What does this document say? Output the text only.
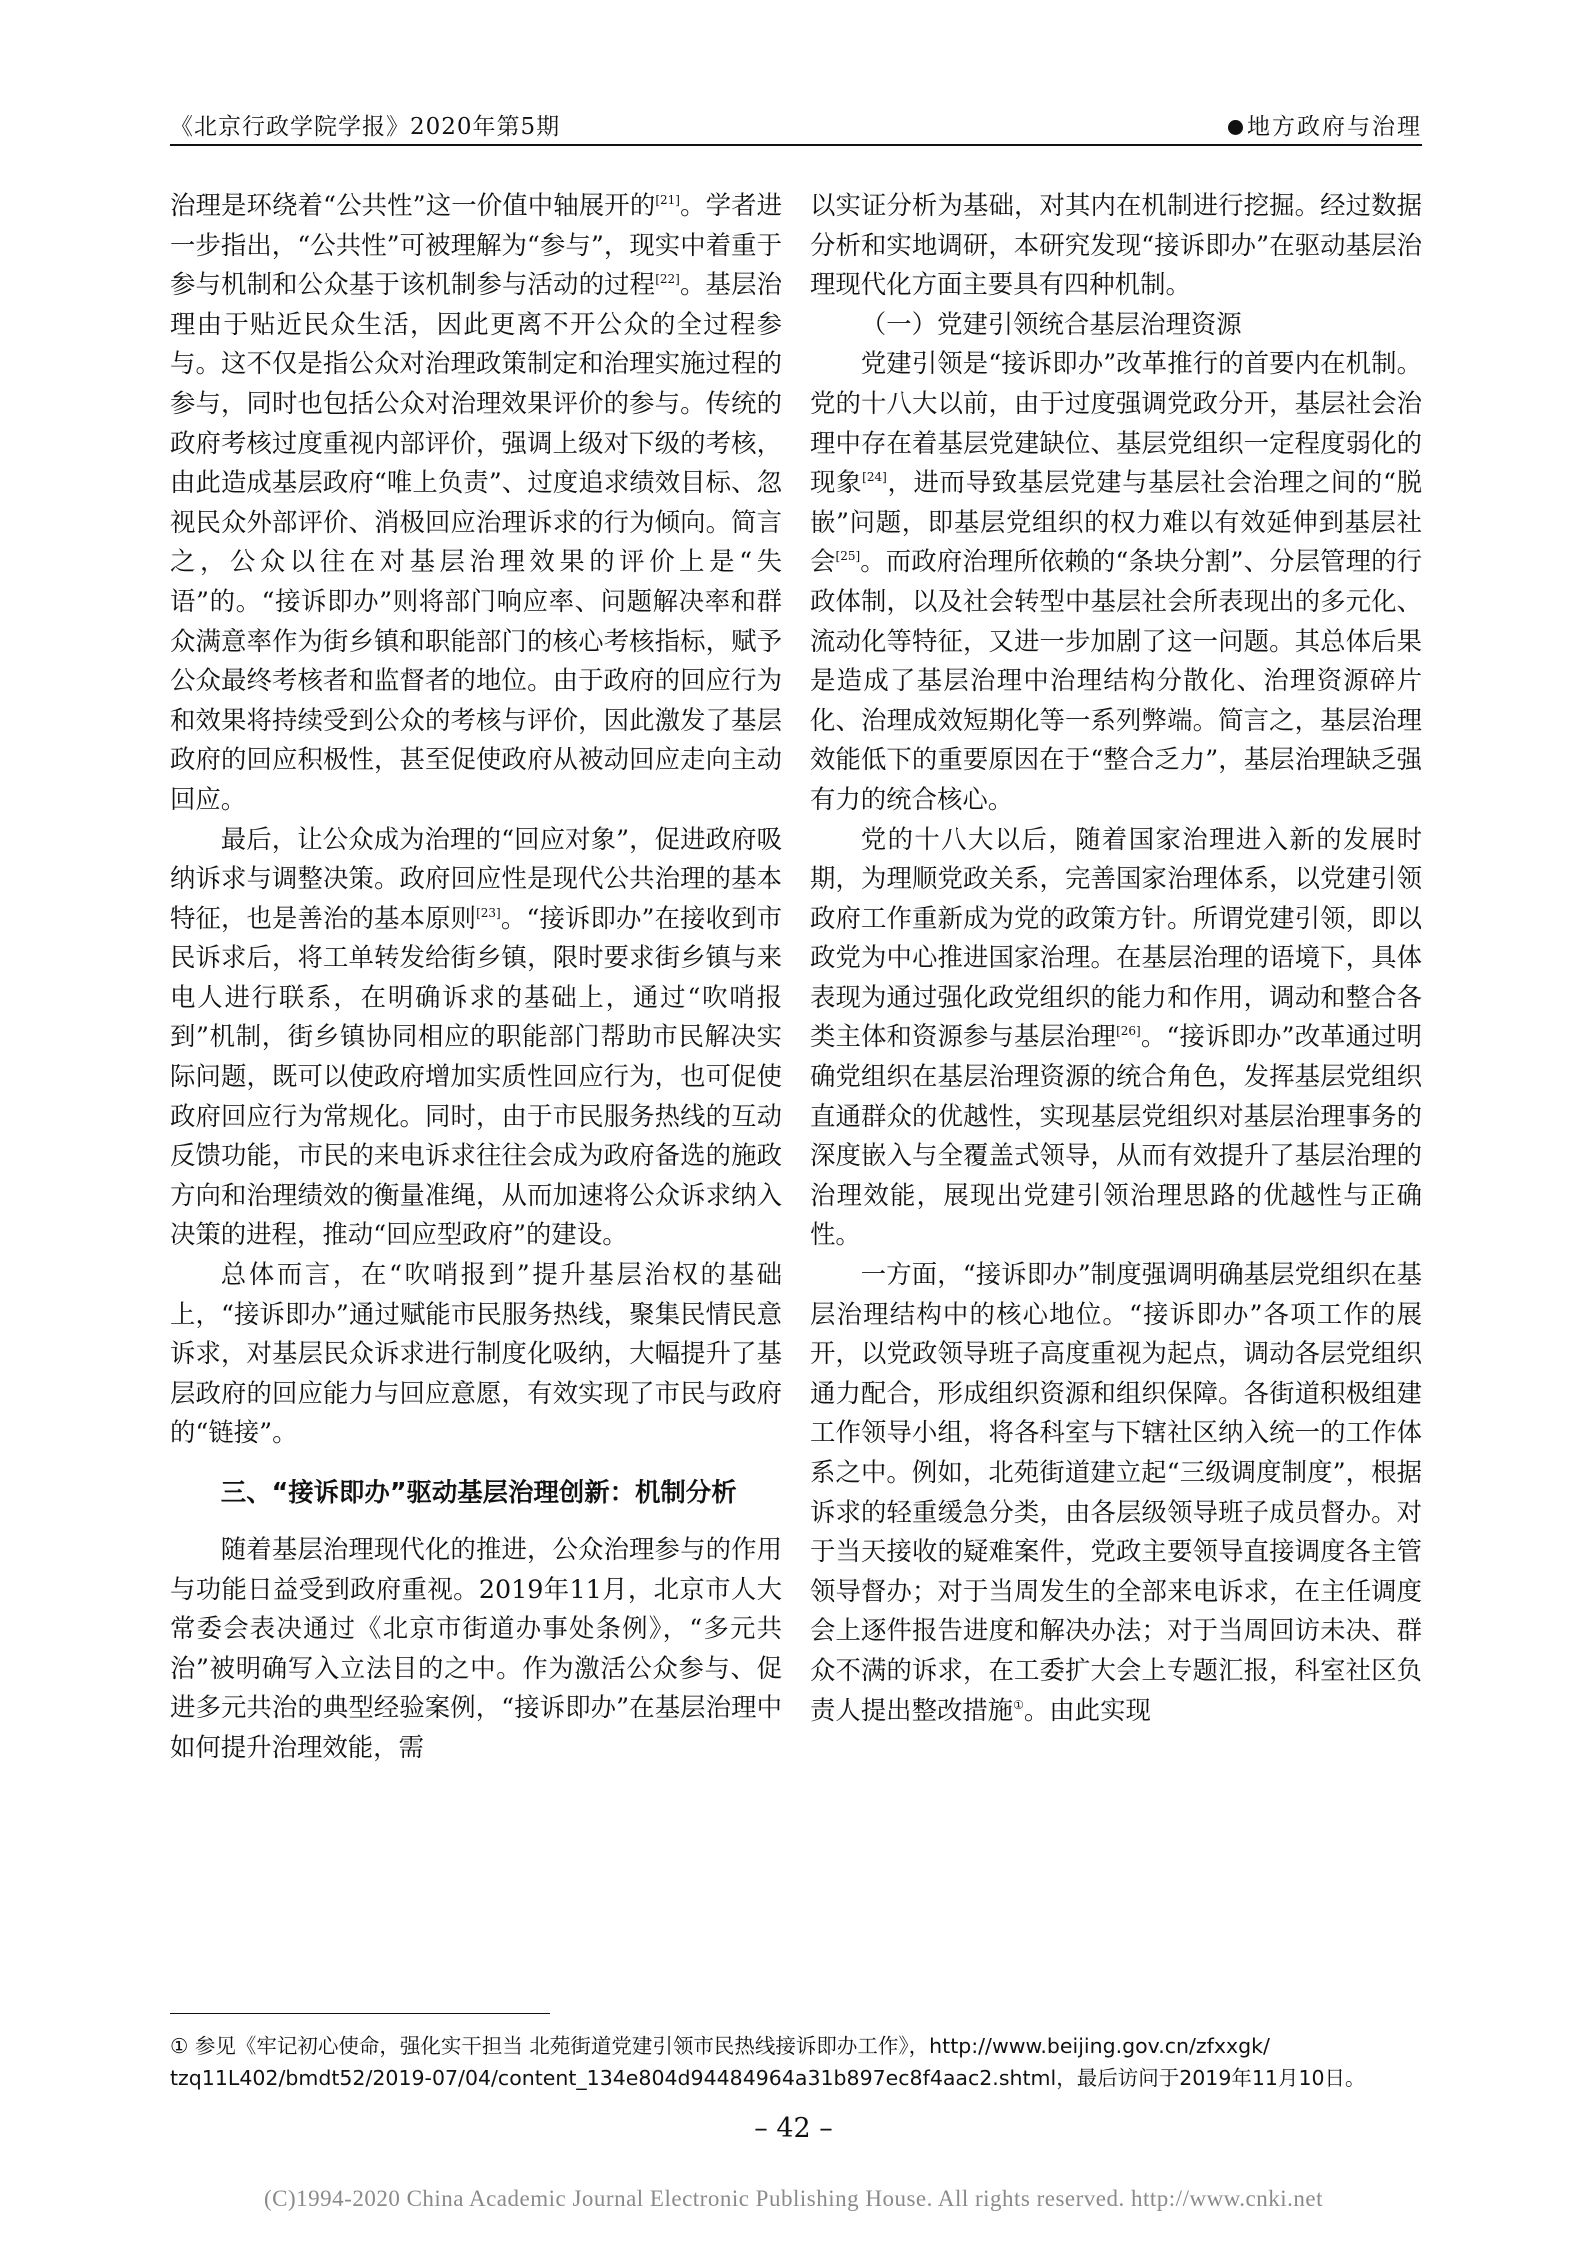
《北京行政学院学报》2020年第5期	地方政府与治理

治理是环绕着“公共性”这一价值中轴展开的[21]。学者进一步指出，“公共性”可被理解为“参与”，现实中着重于参与机制和公众基于该机制参与活动的过程[22]。基层治理由于贴近民众生活，因此更离不开公众的全过程参与。这不仅是指公众对治理政策制定和治理实施过程的参与，同时也包括公众对治理效果评价的参与。传统的政府考核过度重视内部评价，强调上级对下级的考核，由此造成基层政府“唯上负责”、过度追求绩效目标、忽视民众外部评价、消极回应治理诉求的行为倾向。简言之，公众以往在对基层治理效果的评价上是“失语”的。“接诉即办”则将部门响应率、问题解决率和群众满意率作为街乡镇和职能部门的核心考核指标，赋予公众最终考核者和监督者的地位。由于政府的回应行为和效果将持续受到公众的考核与评价，因此激发了基层政府的回应积极性，甚至促使政府从被动回应走向主动回应。

最后，让公众成为治理的“回应对象”，促进政府吸纳诉求与调整决策。政府回应性是现代公共治理的基本特征，也是善治的基本原则[23]。“接诉即办”在接收到市民诉求后，将工单转发给街乡镇，限时要求街乡镇与来电人进行联系，在明确诉求的基础上，通过“吹哨报到”机制，街乡镇协同相应的职能部门帮助市民解决实际问题，既可以使政府增加实质性回应行为，也可促使政府回应行为常规化。同时，由于市民服务热线的互动反馈功能，市民的来电诉求往往会成为政府备选的施政方向和治理绩效的衡量准绳，从而加速将公众诉求纳入决策的进程，推动“回应型政府”的建设。

总体而言，在“吹哨报到”提升基层治权的基础上，“接诉即办”通过赋能市民服务热线，聚集民情民意诉求，对基层民众诉求进行制度化吸纳，大幅提升了基层政府的回应能力与回应意愿，有效实现了市民与政府的“链接”。

三、“接诉即办”驱动基层治理创新：机制分析

随着基层治理现代化的推进，公众治理参与的作用与功能日益受到政府重视。2019年11月，北京市人大常委会表决通过《北京市街道办事处条例》，“多元共治”被明确写入立法目的之中。作为激活公众参与、促进多元共治的典型经验案例，“接诉即办”在基层治理中如何提升治理效能，需

以实证分析为基础，对其内在机制进行挖掘。经过数据分析和实地调研，本研究发现“接诉即办”在驱动基层治理现代化方面主要具有四种机制。

（一）党建引领统合基层治理资源

党建引领是“接诉即办”改革推行的首要内在机制。党的十八大以前，由于过度强调党政分开，基层社会治理中存在着基层党建缺位、基层党组织一定程度弱化的现象[24]，进而导致基层党建与基层社会治理之间的“脱嵌”问题，即基层党组织的权力难以有效延伸到基层社会[25]。而政府治理所依赖的“条块分割”、分层管理的行政体制，以及社会转型中基层社会所表现出的多元化、流动化等特征，又进一步加剧了这一问题。其总体后果是造成了基层治理中治理结构分散化、治理资源碎片化、治理成效短期化等一系列弊端。简言之，基层治理效能低下的重要原因在于“整合乏力”，基层治理缺乏强有力的统合核心。

党的十八大以后，随着国家治理进入新的发展时期，为理顺党政关系，完善国家治理体系，以党建引领政府工作重新成为党的政策方针。所谓党建引领，即以政党为中心推进国家治理。在基层治理的语境下，具体表现为通过强化政党组织的能力和作用，调动和整合各类主体和资源参与基层治理[26]。“接诉即办”改革通过明确党组织在基层治理资源的统合角色，发挥基层党组织直通群众的优越性，实现基层党组织对基层治理事务的深度嵌入与全覆盖式领导，从而有效提升了基层治理的治理效能，展现出党建引领治理思路的优越性与正确性。

一方面，“接诉即办”制度强调明确基层党组织在基层治理结构中的核心地位。“接诉即办”各项工作的展开，以党政领导班子高度重视为起点，调动各层党组织通力配合，形成组织资源和组织保障。各街道积极组建工作领导小组，将各科室与下辖社区纳入统一的工作体系之中。例如，北苑街道建立起“三级调度制度”，根据诉求的轻重缓急分类，由各层级领导班子成员督办。对于当天接收的疑难案件，党政主要领导直接调度各主管领导督办；对于当周发生的全部来电诉求，在主任调度会上逐件报告进度和解决办法；对于当周回访未决、群众不满的诉求，在工委扩大会上专题汇报，科室社区负责人提出整改措施①。由此实现

① 参见《牢记初心使命，强化实干担当 北苑街道党建引领市民热线接诉即办工作》，http://www.beijing.gov.cn/zfxxgk/
tzq11L402/bmdt52/2019-07/04/content_134e804d94484964a31b897ec8f4aac2.shtml，最后访问于2019年11月10日。
– 42 –
(C)1994-2020 China Academic Journal Electronic Publishing House. All rights reserved. http://www.cnki.net
